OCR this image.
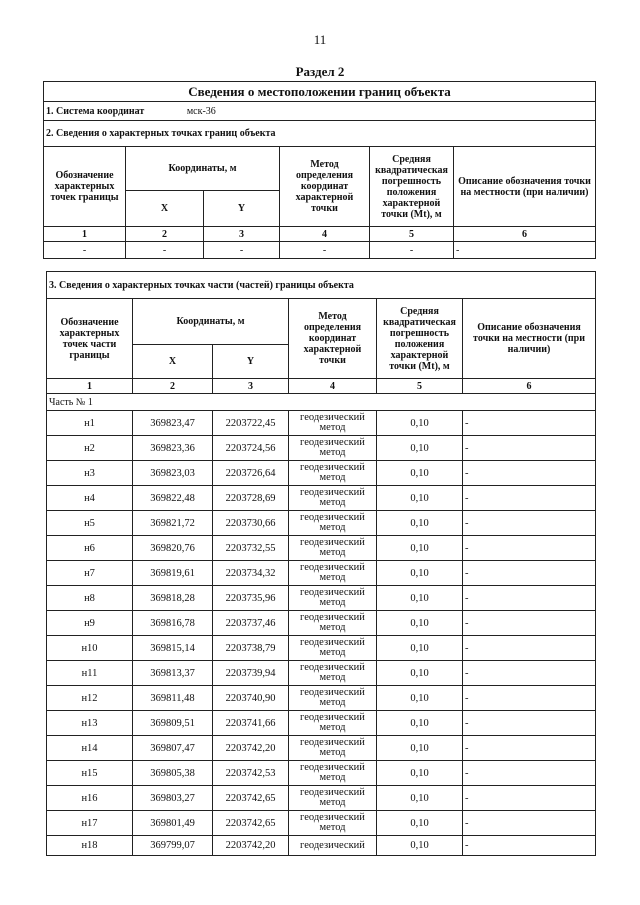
11
Раздел 2
Сведения о местоположении границ объекта					
1. Система координат мск-36					
2. Сведения о характерных точках границ объекта					
Обозначение характерных точек границы	Координаты, м		Метод определения координат характерной точки	Средняя квадратическая погрешность положения характерной точки (Mt), м	Описание обозначения точки на местности (при наличии)
	X	Y			
1	2	3	4	5	6
-	-	-	-	-	-
3. Сведения о характерных точках части (частей) границы объекта					
Обозначение характерных точек части границы	Координаты, м		Метод определения координат характерной точки	Средняя квадратическая погрешность положения характерной точки (Mt), м	Описание обозначения точки на местности (при наличии)
	X	Y			
1	2	3	4	5	6
Часть № 1					
н1	369823,47	2203722,45	геодезический метод	0,10	-
н2	369823,36	2203724,56	геодезический метод	0,10	-
н3	369823,03	2203726,64	геодезический метод	0,10	-
н4	369822,48	2203728,69	геодезический метод	0,10	-
н5	369821,72	2203730,66	геодезический метод	0,10	-
н6	369820,76	2203732,55	геодезический метод	0,10	-
н7	369819,61	2203734,32	геодезический метод	0,10	-
н8	369818,28	2203735,96	геодезический метод	0,10	-
н9	369816,78	2203737,46	геодезический метод	0,10	-
н10	369815,14	2203738,79	геодезический метод	0,10	-
н11	369813,37	2203739,94	геодезический метод	0,10	-
н12	369811,48	2203740,90	геодезический метод	0,10	-
н13	369809,51	2203741,66	геодезический метод	0,10	-
н14	369807,47	2203742,20	геодезический метод	0,10	-
н15	369805,38	2203742,53	геодезический метод	0,10	-
н16	369803,27	2203742,65	геодезический метод	0,10	-
н17	369801,49	2203742,65	геодезический метод	0,10	-
н18	369799,07	2203742,20	геодезический	0,10	-
